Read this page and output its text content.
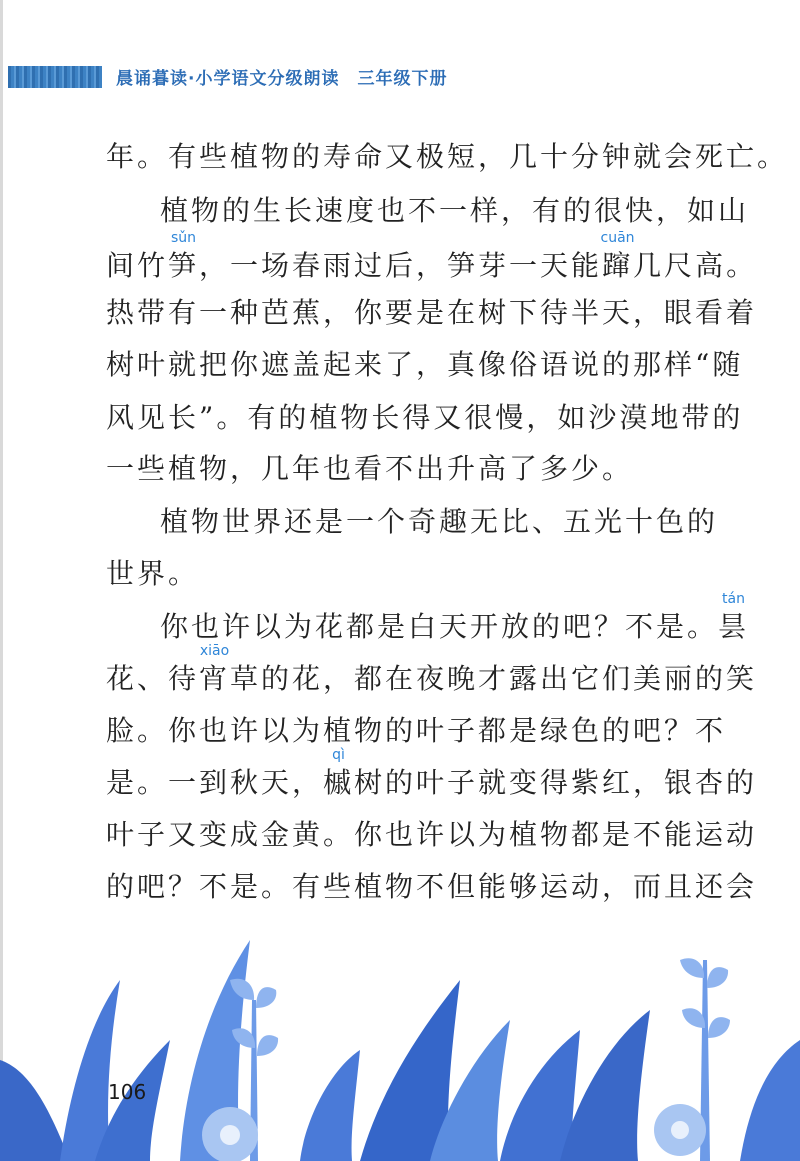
晨诵暮读·小学语文分级朗读　三年级下册
年。有些植物的寿命又极短，几十分钟就会死亡。
植物的生长速度也不一样，有的很快，如山
间竹
sǔn
笋，一场春雨过后，笋芽一天能
cuān
蹿几尺高。
热带有一种芭蕉，你要是在树下待半天，眼看着
树叶就把你遮盖起来了，真像俗语说的那样“随
风见长”。有的植物长得又很慢，如沙漠地带的
一些植物，几年也看不出升高了多少。
植物世界还是一个奇趣无比、五光十色的
世界。
你也许以为花都是白天开放的吧？不是。
tán
昙
花、待
xiāo
宵草的花，都在夜晚才露出它们美丽的笑
脸。你也许以为植物的叶子都是绿色的吧？不
是。一到秋天，
qì
槭树的叶子就变得紫红，银杏的
叶子又变成金黄。你也许以为植物都是不能运动
的吧？不是。有些植物不但能够运动，而且还会
106
